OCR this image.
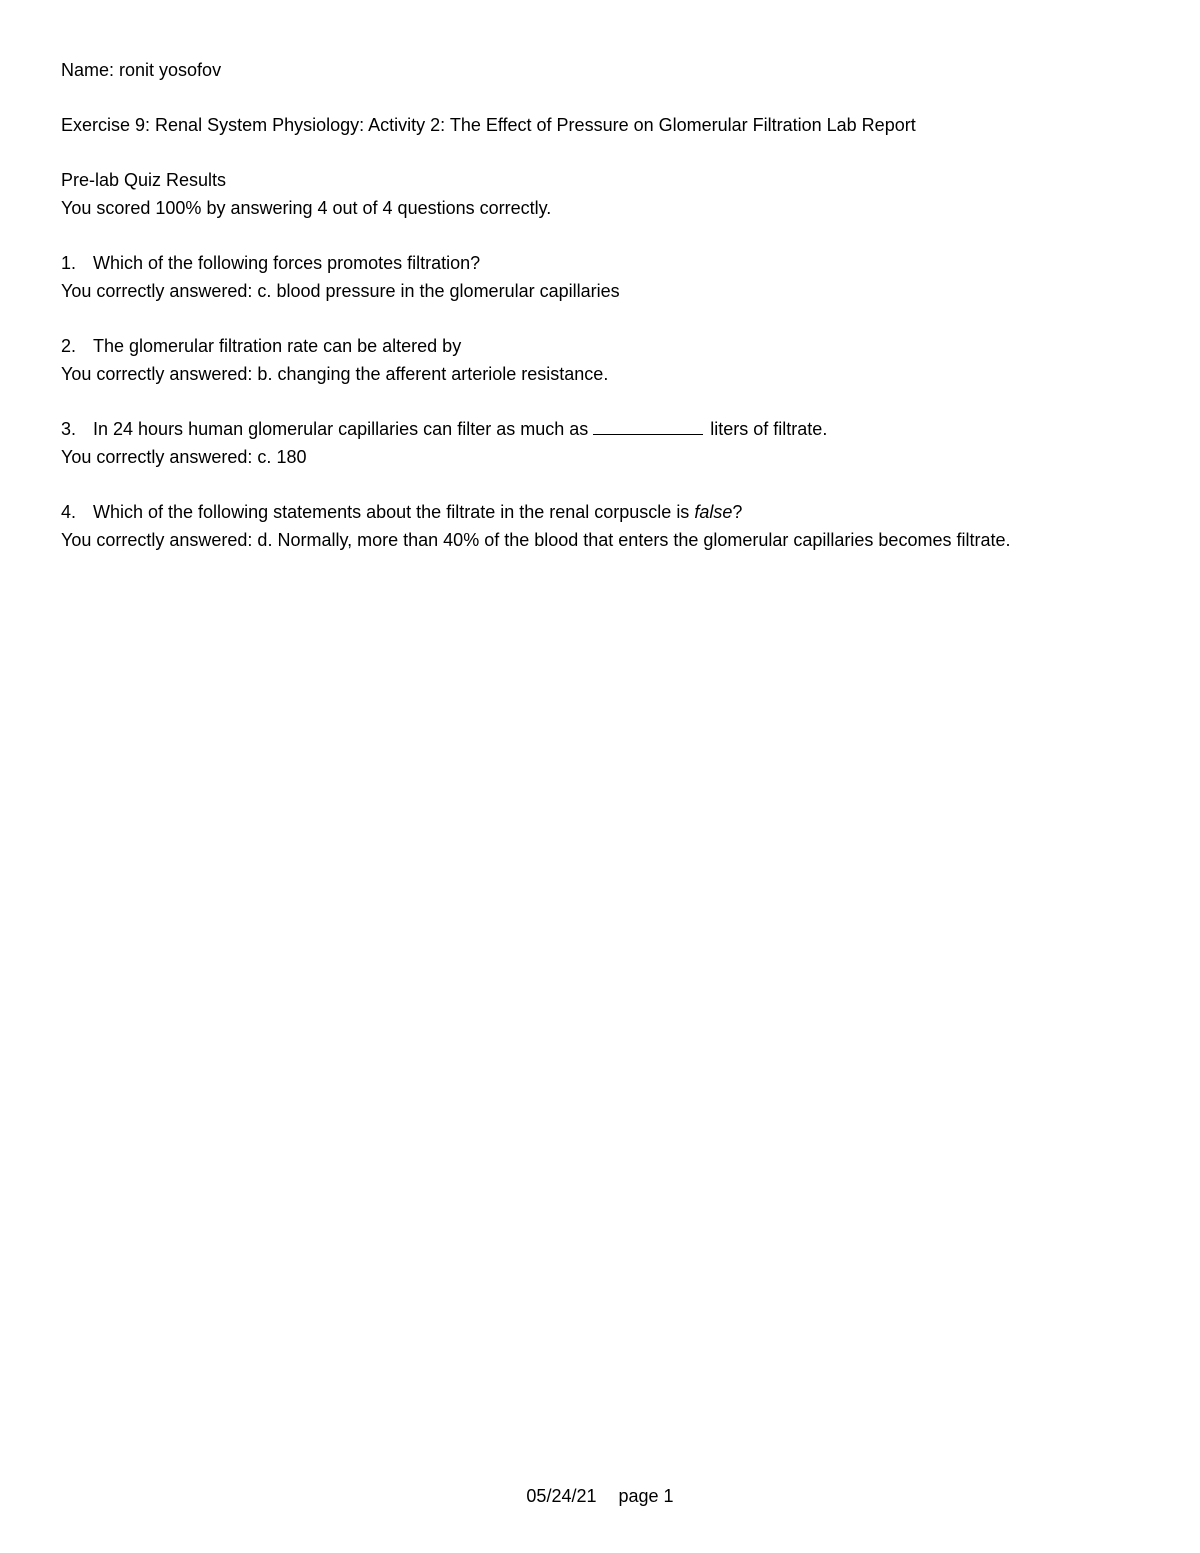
Name: ronit yosofov
Exercise 9: Renal System Physiology: Activity 2: The Effect of Pressure on Glomerular Filtration Lab Report
Pre-lab Quiz Results
You scored 100% by answering 4 out of 4 questions correctly.
1. Which of the following forces promotes filtration?
You correctly answered: c. blood pressure in the glomerular capillaries
2. The glomerular filtration rate can be altered by
You correctly answered: b. changing the afferent arteriole resistance.
3. In 24 hours human glomerular capillaries can filter as much as	liters of filtrate.
You correctly answered: c. 180
4. Which of the following statements about the filtrate in the renal corpuscle is false?
You correctly answered: d. Normally, more than 40% of the blood that enters the glomerular capillaries becomes filtrate.
05/24/21 page 1
